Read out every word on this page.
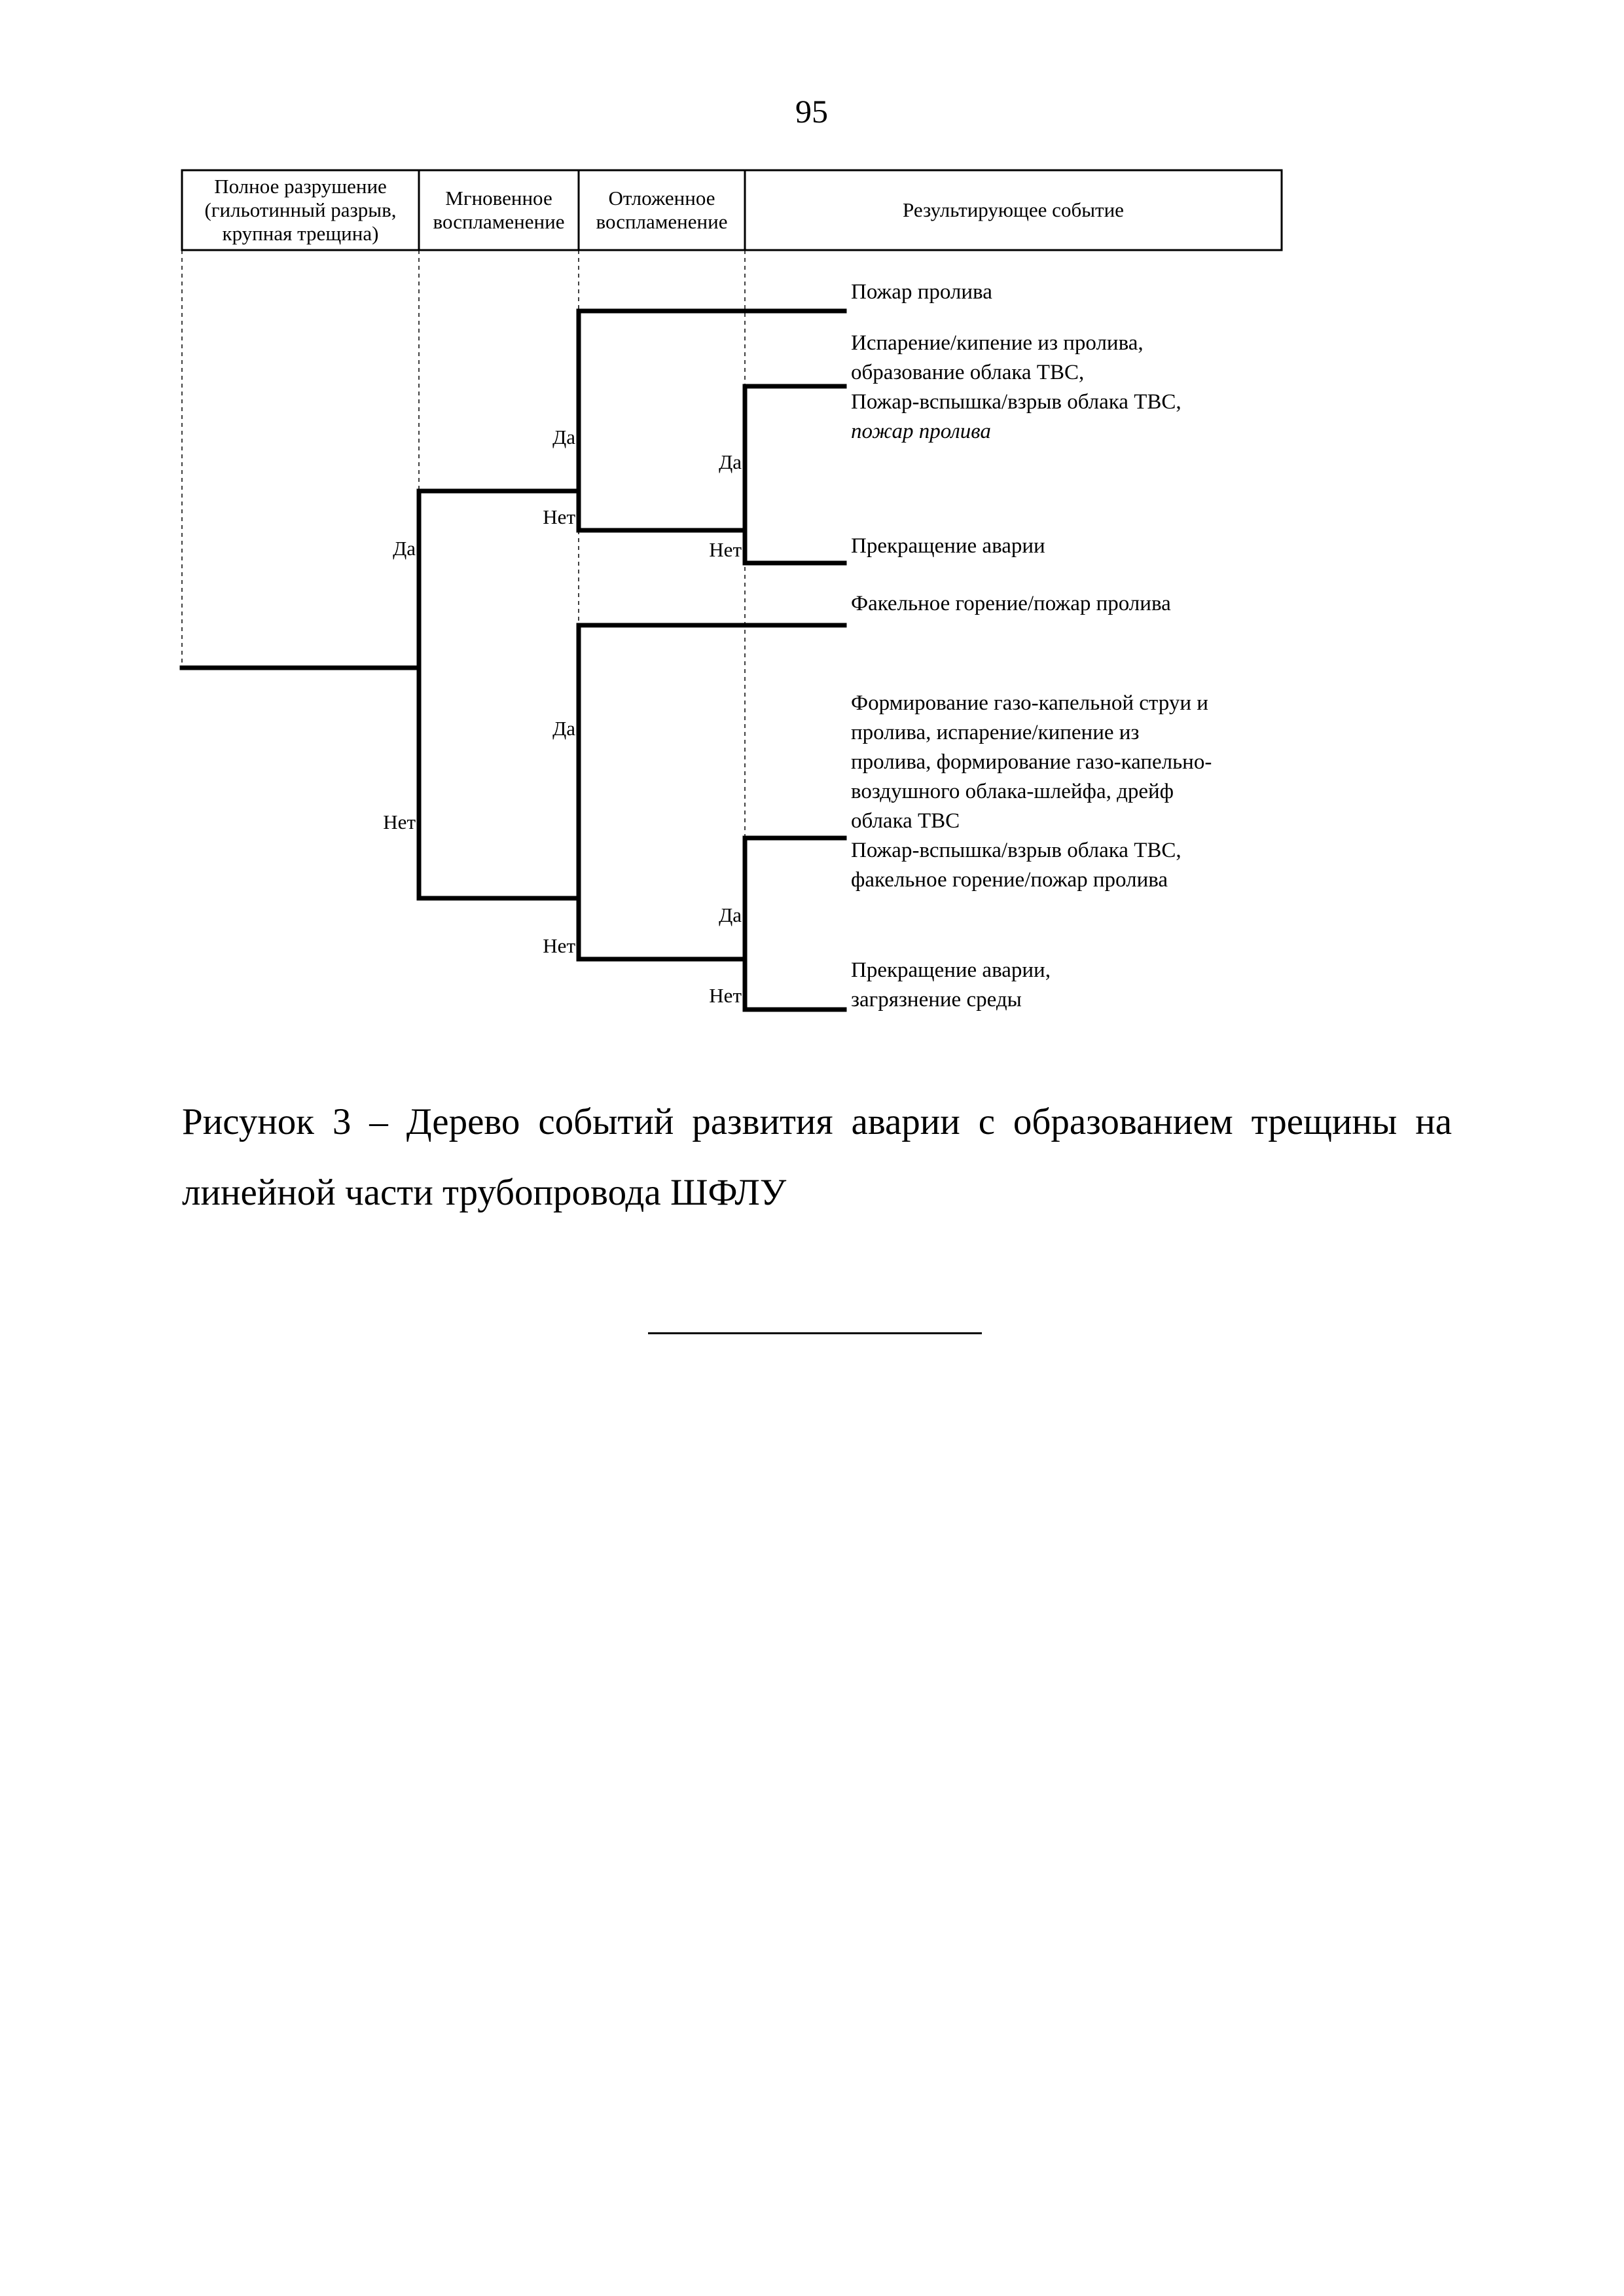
95
Полное разрушение (гильотинный разрыв, крупная трещина)
Мгновенное воспламенение
Отложенное воспламенение
Результирующее событие
Да
Нет
Да
Нет
Да
Нет
Да
Нет
Да
Нет
Пожар пролива
Испарение/кипение из пролива,
образование облака ТВС,
Пожар-вспышка/взрыв облака ТВС,
пожар пролива
Прекращение аварии
Факельное горение/пожар пролива
Формирование газо-капельной струи и
пролива, испарение/кипение из
пролива, формирование газо-капельно-
воздушного облака-шлейфа, дрейф
облака ТВС
Пожар-вспышка/взрыв облака ТВС,
факельное горение/пожар пролива
Прекращение аварии,
загрязнение среды
Рисунок 3 – Дерево событий развития аварии с образованием трещины на линейной части трубопровода ШФЛУ
